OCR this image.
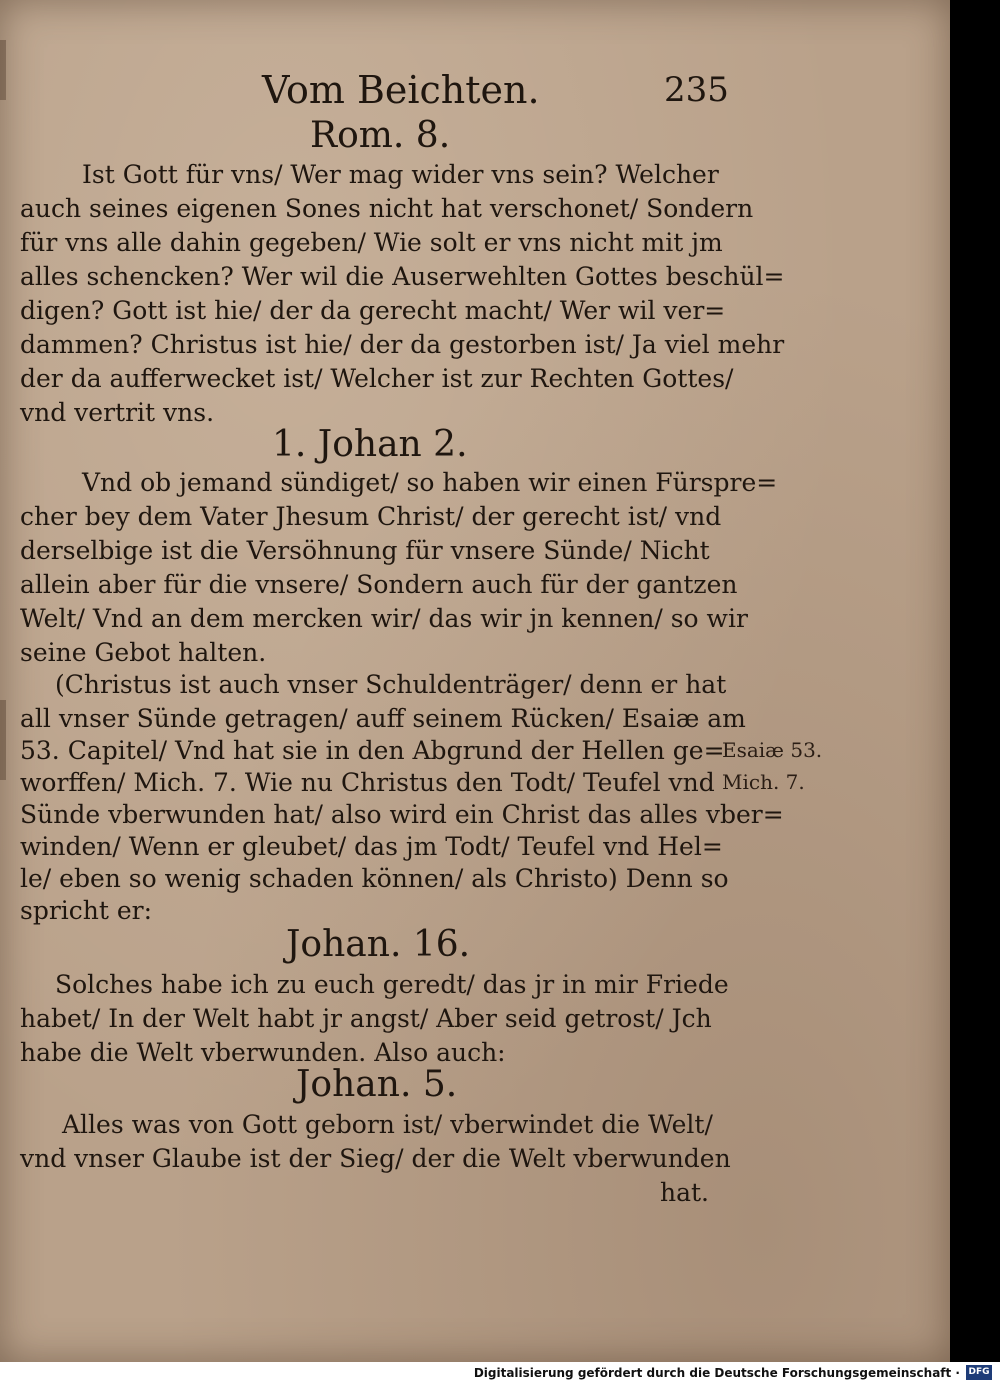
Vom Beichten.	235
Rom. 8.
Ist Gott für vns/ Wer mag wider vns sein? Welcher
auch seines eigenen Sones nicht hat verschonet/ Sondern
für vns alle dahin gegeben/ Wie solt er vns nicht mit jm
alles schencken? Wer wil die Auserwehlten Gottes beschül=
digen? Gott ist hie/ der da gerecht macht/ Wer wil ver=
dammen? Christus ist hie/ der da gestorben ist/ Ja viel mehr
der da aufferwecket ist/ Welcher ist zur Rechten Gottes/
vnd vertrit vns.
1. Johan 2.
Vnd ob jemand sündiget/ so haben wir einen Fürspre=
cher bey dem Vater Jhesum Christ/ der gerecht ist/ vnd
derselbige ist die Versöhnung für vnsere Sünde/ Nicht
allein aber für die vnsere/ Sondern auch für der gantzen
Welt/ Vnd an dem mercken wir/ das wir jn kennen/ so wir
seine Gebot halten.
(Christus ist auch vnser Schuldenträger/ denn er hat
all vnser Sünde getragen/ auff seinem Rücken/ Esaiæ am
53. Capitel/ Vnd hat sie in den Abgrund der Hellen ge=
worffen/ Mich. 7. Wie nu Christus den Todt/ Teufel vnd
Sünde vberwunden hat/ also wird ein Christ das alles vber=
winden/ Wenn er gleubet/ das jm Todt/ Teufel vnd Hel=
le/ eben so wenig schaden können/ als Christo) Denn so
spricht er:
Esaiæ 53.
Mich. 7.
Johan. 16.
Solches habe ich zu euch geredt/ das jr in mir Friede
habet/ In der Welt habt jr angst/ Aber seid getrost/ Jch
habe die Welt vberwunden. Also auch:
Johan. 5.
Alles was von Gott geborn ist/ vberwindet die Welt/
vnd vnser Glaube ist der Sieg/ der die Welt vberwunden
hat.
Digitalisierung gefördert durch die Deutsche Forschungsgemeinschaft · DFG
